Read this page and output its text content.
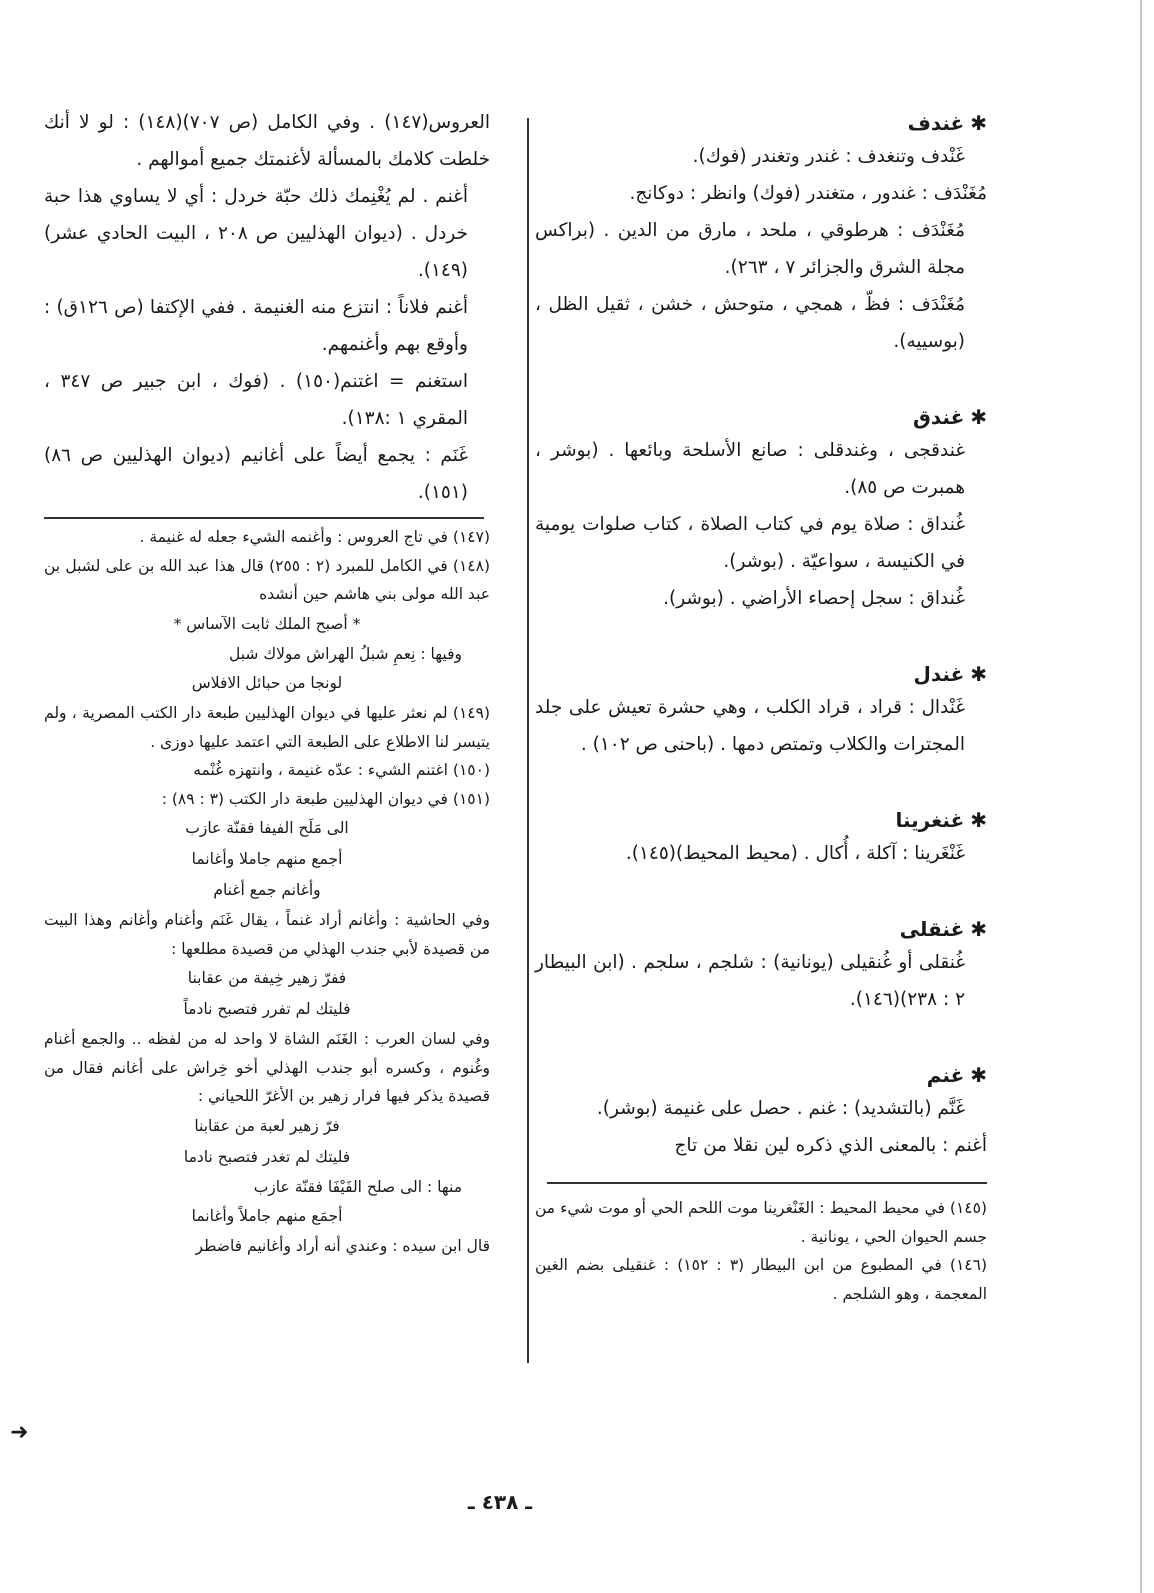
✱غندف

غَنْدف وتنغدف : غندر وتغندر (فوك).

مُغَنْدَف : غندور ، متغندر (فوك) وانظر : دوكانج.

مُغَنْدَف : هرطوقي ، ملحد ، مارق من الدين . (براكس مجلة الشرق والجزائر ٧ ، ٢٦٣).

مُغَنْدَف : فظّ ، همجي ، متوحش ، خشن ، ثقيل الظل ، (بوسييه).

✱غندق

غندقجى ، وغندقلى : صانع الأسلحة وبائعها . (بوشر ، همبرت ص ٨٥).

غُنداق : صلاة يوم في كتاب الصلاة ، كتاب صلوات يومية في الكنيسة ، سواعيّة . (بوشر).

غُنداق : سجل إحصاء الأراضي . (بوشر).

✱غندل

غَنْدال : قراد ، قراد الكلب ، وهي حشرة تعيش على جلد المجترات والكلاب وتمتص دمها . (باحنى ص ١٠٢) .

✱غنغرينا

غَنْغَرينا : آكلة ، أُكال . (محيط المحيط)(١٤٥).

✱غنقلى

غُنقلى أو غُنقيلى (يونانية) : شلجم ، سلجم . (ابن البيطار ٢ : ٢٣٨)(١٤٦).

✱غنم

غَنَّم (بالتشديد) : غنم . حصل على غنيمة (بوشر).

أغنم : بالمعنى الذي ذكره لين نقلا من تاج

(١٤٥) في محيط المحيط : الغَنْغرينا موت اللحم الحي أو موت شيء من جسم الحيوان الحي ، يونانية .

(١٤٦) في المطبوع من ابن البيطار (٣ : ١٥٢) : غنقيلى بضم الغين المعجمة ، وهو الشلجم .

العروس(١٤٧) . وفي الكامل (ص ٧٠٧)(١٤٨) : لو لا أنك خلطت كلامك بالمسألة لأغنمتك جميع أموالهم .

أغنم . لم يُغْنِمك ذلك حبّة خردل : أي لا يساوي هذا حبة خردل . (ديوان الهذليين ص ٢٠٨ ، البيت الحادي عشر)(١٤٩).

أغنم فلاناً : انتزع منه الغنيمة . ففي الإكتفا (ص ١٢٦ق) : وأوقع بهم وأغنمهم.

استغنم = اغتنم(١٥٠) . (فوك ، ابن جبير ص ٣٤٧ ، المقري ١ :١٣٨).

غَنَم : يجمع أيضاً على أغانيم (ديوان الهذليين ص ٨٦)(١٥١).

(١٤٧) في تاج العروس : وأغنمه الشيء جعله له غنيمة .

(١٤٨) في الكامل للمبرد (٢ : ٢٥٥) قال هذا عبد الله بن على لشبل بن عبد الله مولى بني هاشم حين أنشده

* أصبح الملك ثابت الآساس *

وفيها : نِعمِ شبلُ الهراش مولاك شبل

لونجا من حبائل الافلاس

(١٤٩) لم نعثر عليها في ديوان الهذليين طبعة دار الكتب المصرية ، ولم يتيسر لنا الاطلاع على الطبعة التي اعتمد عليها دوزى .

(١٥٠) اغتنم الشيء : عدّه غنيمة ، وانتهزه غُنْمه

(١٥١) في ديوان الهذليين طبعة دار الكتب (٣ : ٨٩) :

الى مَلَح الفيفا فقنّة عازب

أجمع منهم جاملا وأغانما

وأغانم جمع أغنام

وفي الحاشية : وأغانم أراد غنماً ، يقال غَنَم وأغنام وأغانم وهذا البيت من قصيدة لأبي جندب الهذلي من قصيدة مطلعها :

ففرّ زهير خِيفة من عقابنا

فليتك لم تفرر فتصبح نادماً

وفي لسان العرب : الغَنَم الشاة لا واحد له من لفظه .. والجمع أغنام وغُنوم ، وكسره أبو جندب الهذلي أخو خِراش على أغانم فقال من قصيدة يذكر فيها فرار زهير بن الأغرّ اللحياني :

فرّ زهير لعبة من عقابنا

فليتك لم تغدر فتصبح نادما

منها : الى صلح الفَيْفَا فقنّة عازب

أجمَع منهم جاملاً وأغانما

قال ابن سيده : وعندي أنه أراد وأغانيم فاضطر

➜
ـ ٤٣٨ ـ
